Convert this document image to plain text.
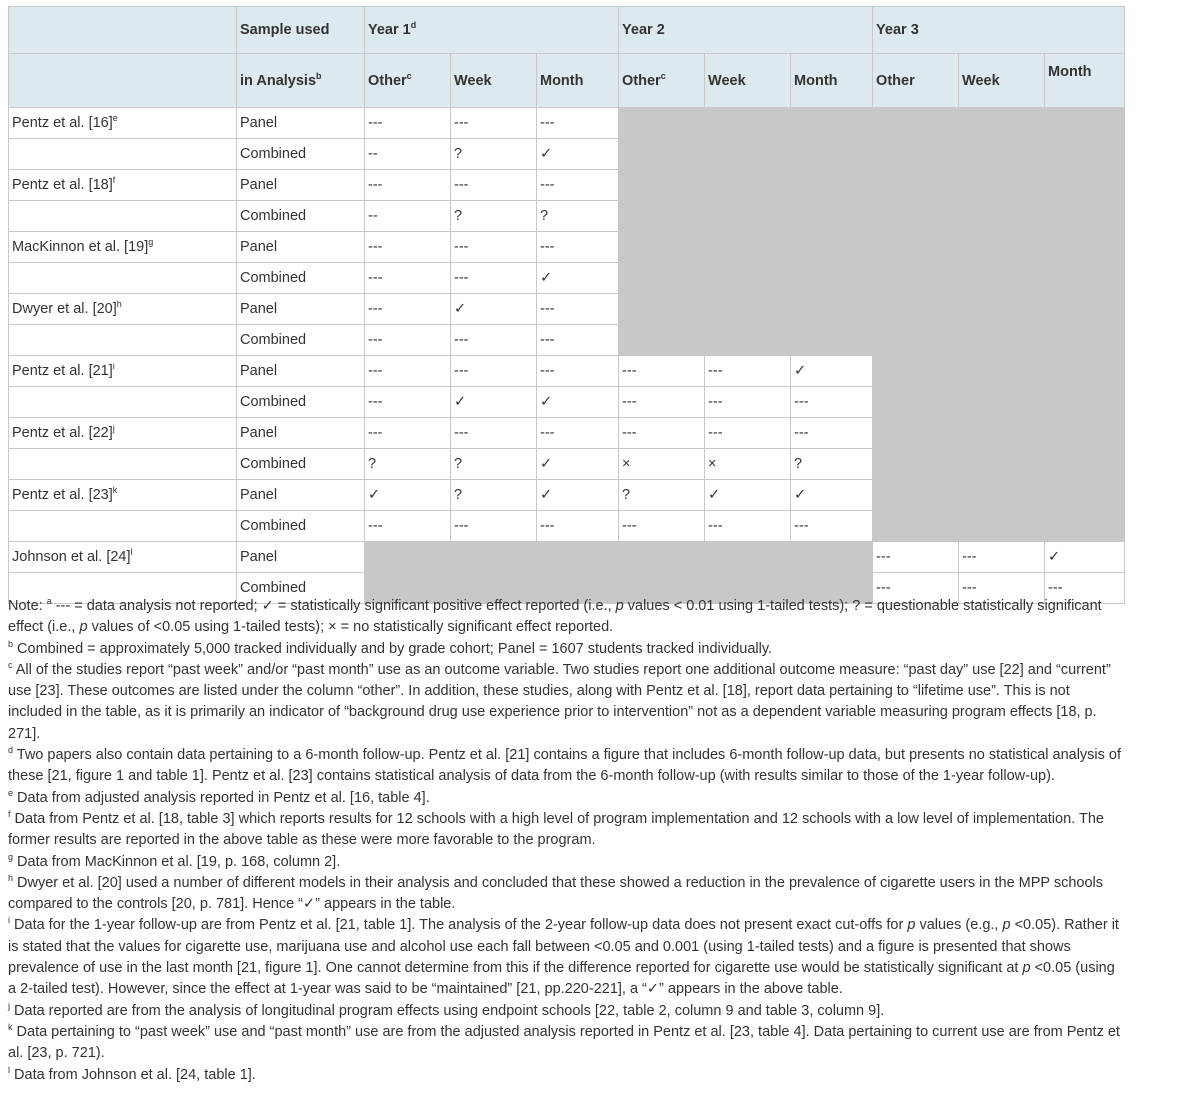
	Sample used	Year 1$^d$			Year 2			Year 3		
	in Analysis$^b$	Other$^c$	Week	Month	Other$^c$	Week	Month	Other	Week	Month
Pentz et al. $[16]^e$	Panel	---	---	---						
	Combined	--	?	✓						
Pentz et al. $[18]^f$	Panel	---	---	---						
	Combined	--	?	?						
MacKinnon et al. $[19]^g$	Panel	---	---	---						
	Combined	---	---	✓						
Dwyer et al. $[20]^h$	Panel	---	✓	---						
	Combined	---	---	---						
Pentz et al. $[21]^i$	Panel	---	---	---	---	---	✓			
	Combined	---	✓	✓	---	---	---			
Pentz et al. $[22]^j$	Panel	---	---	---	---	---	---			
	Combined	?	?	✓	×	×	?			
Pentz et al. $[23]^k$	Panel	✓	?	✓	?	✓	✓			
	Combined	---	---	---	---	---	---			
Johnson et al. $[24]^l$	Panel							---	---	✓
	Combined							---	---	---

Note: $^a$ --- = data analysis not reported; ✓ = statistically significant positive effect reported (i.e., p values < 0.01 using 1-tailed tests); ? = questionable statistically significant effect (i.e., p values of <0.05 using 1-tailed tests); × = no statistically significant effect reported.

$^b$ Combined = approximately 5,000 tracked individually and by grade cohort; Panel = 1607 students tracked individually.

$^c$ All of the studies report “past week” and/or “past month” use as an outcome variable. Two studies report one additional outcome measure: “past day” use [22] and “current” use [23]. These outcomes are listed under the column “other”. In addition, these studies, along with Pentz et al. [18], report data pertaining to “lifetime use”. This is not included in the table, as it is primarily an indicator of “background drug use experience prior to intervention” not as a dependent variable measuring program effects [18, p. 271].

$^d$ Two papers also contain data pertaining to a 6-month follow-up. Pentz et al. [21] contains a figure that includes 6-month follow-up data, but presents no statistical analysis of these [21, figure 1 and table 1]. Pentz et al. [23] contains statistical analysis of data from the 6-month follow-up (with results similar to those of the 1-year follow-up).

$^e$ Data from adjusted analysis reported in Pentz et al. [16, table 4].

$^f$ Data from Pentz et al. [18, table 3] which reports results for 12 schools with a high level of program implementation and 12 schools with a low level of implementation. The former results are reported in the above table as these were more favorable to the program.

$^g$ Data from MacKinnon et al. [19, p. 168, column 2].

$^h$ Dwyer et al. [20] used a number of different models in their analysis and concluded that these showed a reduction in the prevalence of cigarette users in the MPP schools compared to the controls [20, p. 781]. Hence “✓” appears in the table.

$^i$ Data for the 1-year follow-up are from Pentz et al. [21, table 1]. The analysis of the 2-year follow-up data does not present exact cut-offs for p values (e.g., p <0.05). Rather it is stated that the values for cigarette use, marijuana use and alcohol use each fall between <0.05 and 0.001 (using 1-tailed tests) and a figure is presented that shows prevalence of use in the last month [21, figure 1]. One cannot determine from this if the difference reported for cigarette use would be statistically significant at p <0.05 (using a 2-tailed test). However, since the effect at 1-year was said to be “maintained” [21, pp.220-221], a “✓” appears in the above table.

$^j$ Data reported are from the analysis of longitudinal program effects using endpoint schools [22, table 2, column 9 and table 3, column 9].

$^k$ Data pertaining to “past week” use and “past month” use are from the adjusted analysis reported in Pentz et al. [23, table 4]. Data pertaining to current use are from Pentz et al. [23, p. 721).

$^l$ Data from Johnson et al. [24, table 1].
